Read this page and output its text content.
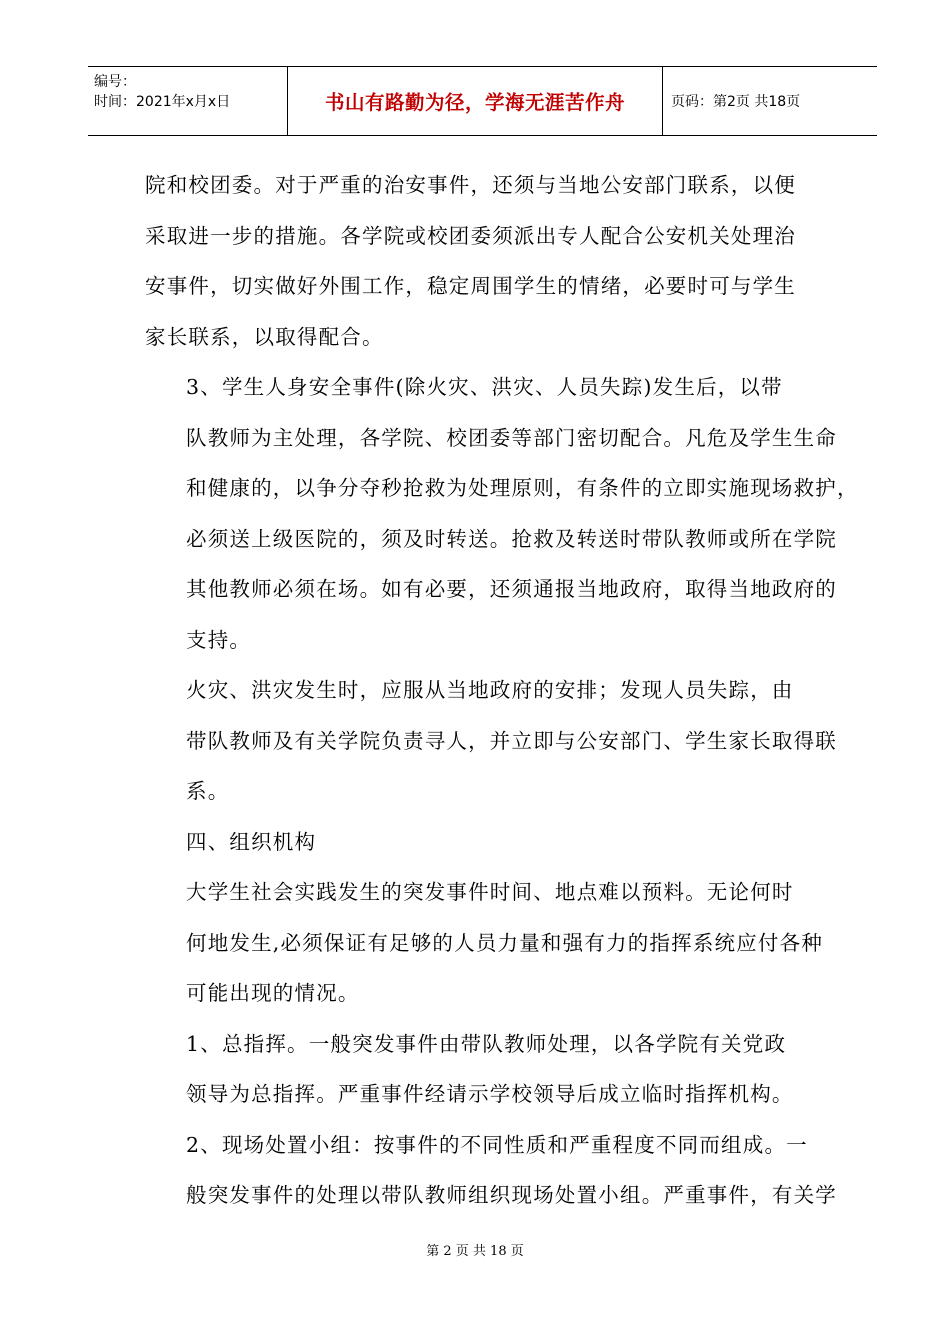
编号：
时间：2021年x月x日	书山有路勤为径，学海无涯苦作舟	页码：第2页 共18页

院和校团委。对于严重的治安事件，还须与当地公安部门联系，以便
采取进一步的措施。各学院或校团委须派出专人配合公安机关处理治
安事件，切实做好外围工作，稳定周围学生的情绪，必要时可与学生
家长联系，以取得配合。

3、学生人身安全事件(除火灾、洪灾、人员失踪)发生后，以带
队教师为主处理，各学院、校团委等部门密切配合。凡危及学生生命
和健康的，以争分夺秒抢救为处理原则，有条件的立即实施现场救护，
必须送上级医院的，须及时转送。抢救及转送时带队教师或所在学院
其他教师必须在场。如有必要，还须通报当地政府，取得当地政府的
支持。

火灾、洪灾发生时，应服从当地政府的安排；发现人员失踪，由
带队教师及有关学院负责寻人，并立即与公安部门、学生家长取得联
系。

四、组织机构

大学生社会实践发生的突发事件时间、地点难以预料。无论何时
何地发生,必须保证有足够的人员力量和强有力的指挥系统应付各种
可能出现的情况。

1、总指挥。一般突发事件由带队教师处理，以各学院有关党政
领导为总指挥。严重事件经请示学校领导后成立临时指挥机构。

2、现场处置小组：按事件的不同性质和严重程度不同而组成。一
般突发事件的处理以带队教师组织现场处置小组。严重事件，有关学

第 2 页 共 18 页
